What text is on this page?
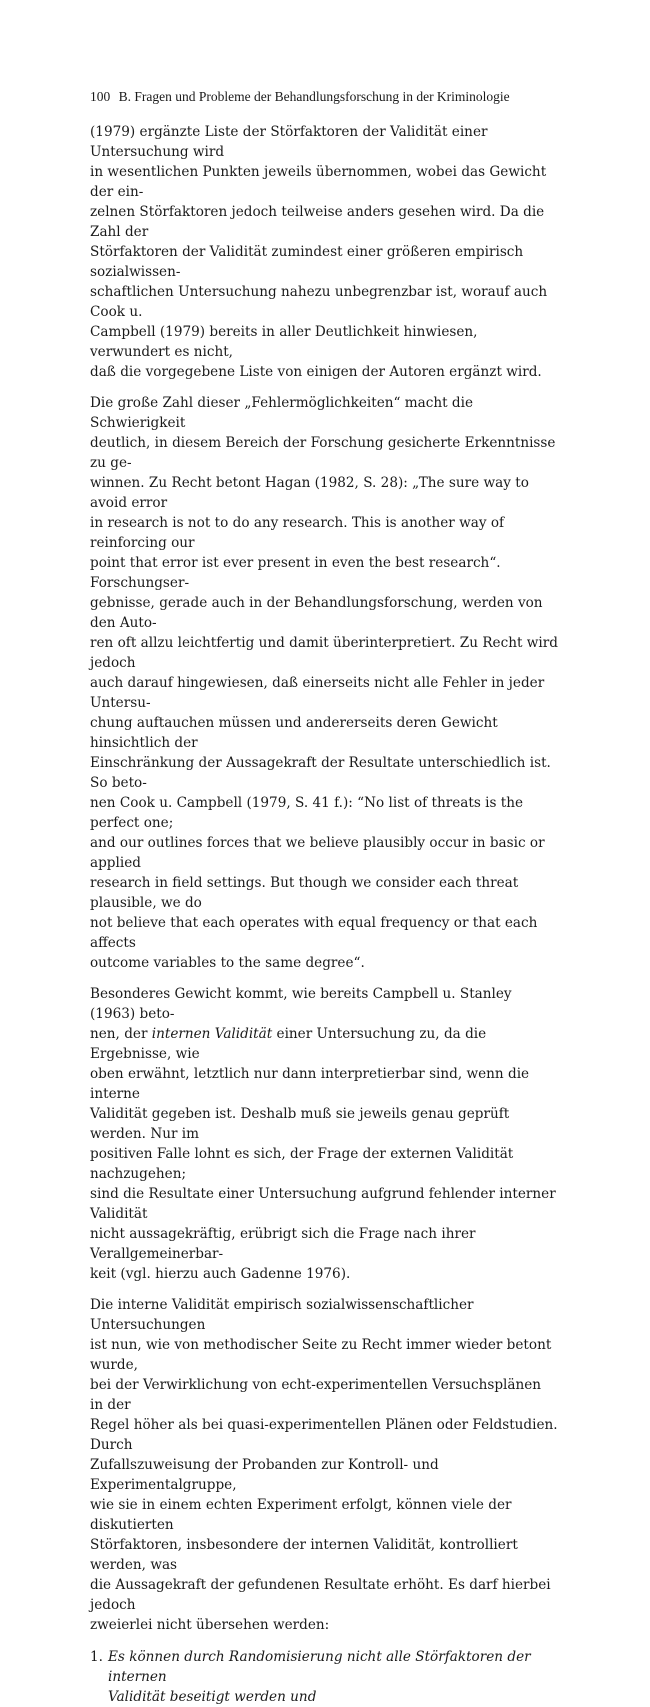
100 B. Fragen und Probleme der Behandlungsforschung in der Kriminologie

(1979) ergänzte Liste der Störfaktoren der Validität einer Untersuchung wird
in wesentlichen Punkten jeweils übernommen, wobei das Gewicht der ein-
zelnen Störfaktoren jedoch teilweise anders gesehen wird. Da die Zahl der
Störfaktoren der Validität zumindest einer größeren empirisch sozialwissen-
schaftlichen Untersuchung nahezu unbegrenzbar ist, worauf auch Cook u.
Campbell (1979) bereits in aller Deutlichkeit hinwiesen, verwundert es nicht,
daß die vorgegebene Liste von einigen der Autoren ergänzt wird.

Die große Zahl dieser „Fehlermöglichkeiten“ macht die Schwierigkeit
deutlich, in diesem Bereich der Forschung gesicherte Erkenntnisse zu ge-
winnen. Zu Recht betont Hagan (1982, S. 28): „The sure way to avoid error
in research is not to do any research. This is another way of reinforcing our
point that error ist ever present in even the best research“. Forschungser-
gebnisse, gerade auch in der Behandlungsforschung, werden von den Auto-
ren oft allzu leichtfertig und damit überinterpretiert. Zu Recht wird jedoch
auch darauf hingewiesen, daß einerseits nicht alle Fehler in jeder Untersu-
chung auftauchen müssen und andererseits deren Gewicht hinsichtlich der
Einschränkung der Aussagekraft der Resultate unterschiedlich ist. So beto-
nen Cook u. Campbell (1979, S. 41 f.): “No list of threats is the perfect one;
and our outlines forces that we believe plausibly occur in basic or applied
research in field settings. But though we consider each threat plausible, we do
not believe that each operates with equal frequency or that each affects
outcome variables to the same degree“.

Besonderes Gewicht kommt, wie bereits Campbell u. Stanley (1963) beto-
nen, der internen Validität einer Untersuchung zu, da die Ergebnisse, wie
oben erwähnt, letztlich nur dann interpretierbar sind, wenn die interne
Validität gegeben ist. Deshalb muß sie jeweils genau geprüft werden. Nur im
positiven Falle lohnt es sich, der Frage der externen Validität nachzugehen;
sind die Resultate einer Untersuchung aufgrund fehlender interner Validität
nicht aussagekräftig, erübrigt sich die Frage nach ihrer Verallgemeinerbar-
keit (vgl. hierzu auch Gadenne 1976).

Die interne Validität empirisch sozialwissenschaftlicher Untersuchungen
ist nun, wie von methodischer Seite zu Recht immer wieder betont wurde,
bei der Verwirklichung von echt-experimentellen Versuchsplänen in der
Regel höher als bei quasi-experimentellen Plänen oder Feldstudien. Durch
Zufallszuweisung der Probanden zur Kontroll- und Experimentalgruppe,
wie sie in einem echten Experiment erfolgt, können viele der diskutierten
Störfaktoren, insbesondere der internen Validität, kontrolliert werden, was
die Aussagekraft der gefundenen Resultate erhöht. Es darf hierbei jedoch
zweierlei nicht übersehen werden:

1. Es können durch Randomisierung nicht alle Störfaktoren der internen
Validität beseitigt werden und
